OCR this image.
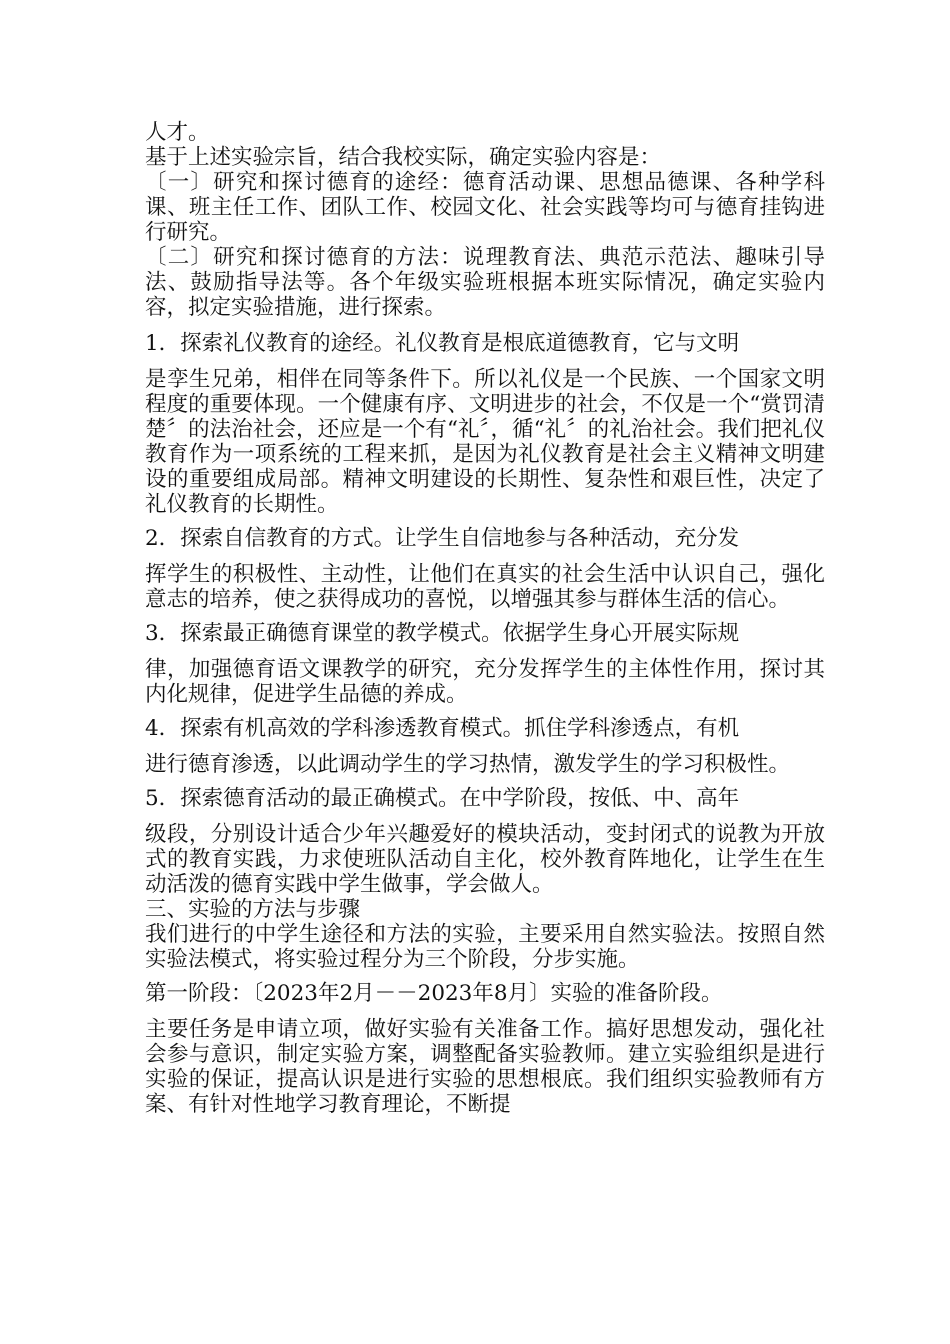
人才。

基于上述实验宗旨，结合我校实际，确定实验内容是：

〔一〕研究和探讨德育的途经：德育活动课、思想品德课、各种学科课、班主任工作、团队工作、校园文化、社会实践等均可与德育挂钩进行研究。

〔二〕研究和探讨德育的方法：说理教育法、典范示范法、趣味引导法、鼓励指导法等。各个年级实验班根据本班实际情况，确定实验内容，拟定实验措施，进行探索。

1．探索礼仪教育的途经。礼仪教育是根底道德教育，它与文明

是孪生兄弟，相伴在同等条件下。所以礼仪是一个民族、一个国家文明程度的重要体现。一个健康有序、文明进步的社会，不仅是一个“赏罚清楚〞的法治社会，还应是一个有“礼〞，循“礼〞的礼治社会。我们把礼仪教育作为一项系统的工程来抓，是因为礼仪教育是社会主义精神文明建设的重要组成局部。精神文明建设的长期性、复杂性和艰巨性，决定了礼仪教育的长期性。

2．探索自信教育的方式。让学生自信地参与各种活动，充分发

挥学生的积极性、主动性，让他们在真实的社会生活中认识自己，强化意志的培养，使之获得成功的喜悦，以增强其参与群体生活的信心。

3．探索最正确德育课堂的教学模式。依据学生身心开展实际规

律，加强德育语文课教学的研究，充分发挥学生的主体性作用，探讨其内化规律，促进学生品德的养成。

4．探索有机高效的学科渗透教育模式。抓住学科渗透点，有机

进行德育渗透，以此调动学生的学习热情，激发学生的学习积极性。

5．探索德育活动的最正确模式。在中学阶段，按低、中、高年

级段，分别设计适合少年兴趣爱好的模块活动，变封闭式的说教为开放式的教育实践，力求使班队活动自主化，校外教育阵地化，让学生在生动活泼的德育实践中学生做事，学会做人。

三、实验的方法与步骤

我们进行的中学生途径和方法的实验，主要采用自然实验法。按照自然实验法模式，将实验过程分为三个阶段，分步实施。

第一阶段：〔2023年2月－－2023年8月〕实验的准备阶段。

主要任务是申请立项，做好实验有关准备工作。搞好思想发动，强化社会参与意识，制定实验方案，调整配备实验教师。建立实验组织是进行实验的保证，提高认识是进行实验的思想根底。我们组织实验教师有方案、有针对性地学习教育理论，不断提
